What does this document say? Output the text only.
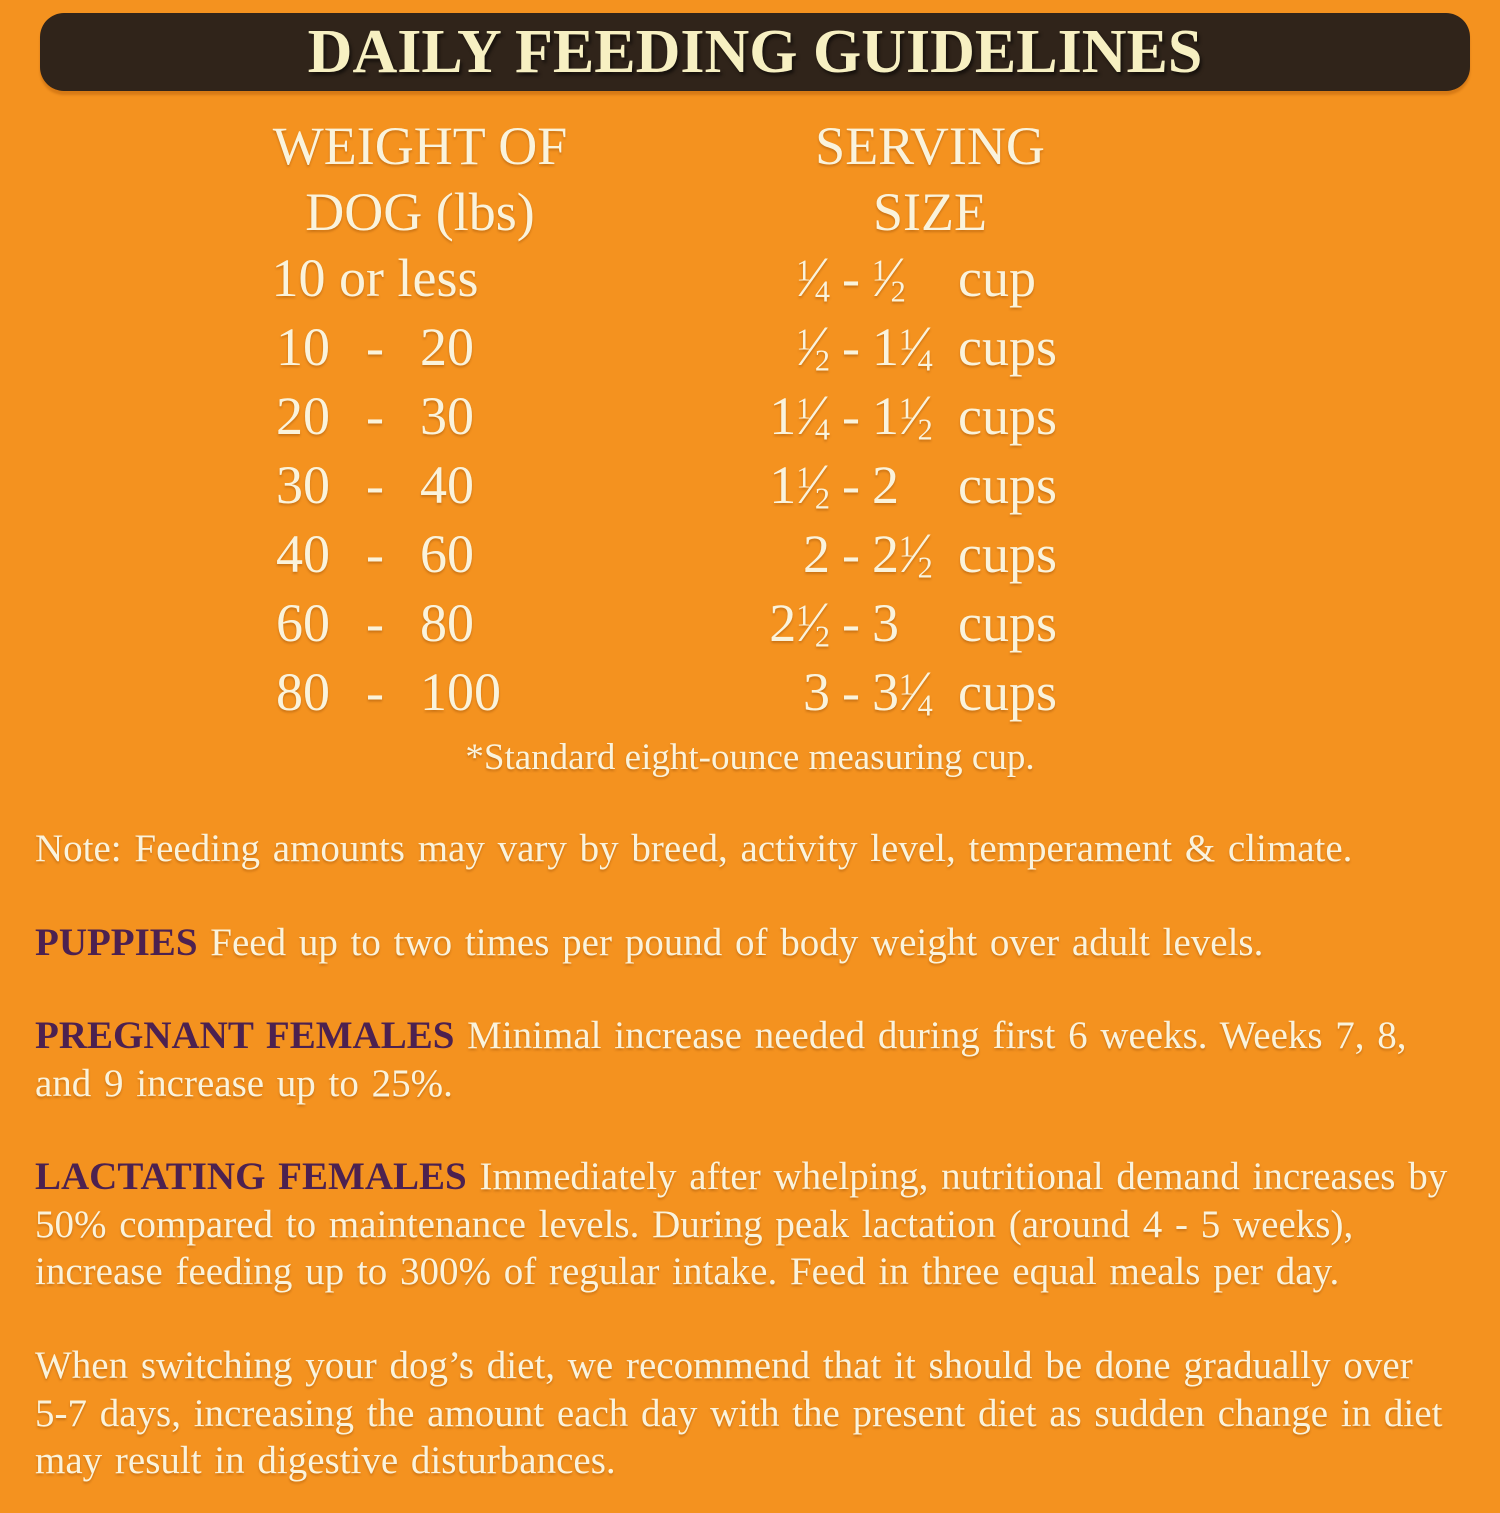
DAILY FEEDING GUIDELINES
WEIGHT OF	SERVING
DOG (lbs)	SIZE
10 or less	$^1$⁄4 - $^1$⁄2 cup
10 - 20	$^1$⁄2 - $1^1⁄4$ cups
20 - 30	$1^1⁄4$ - $1^1⁄2$ cups
30 - 40	$1^1⁄2 - 2$	cups
40 - 60	$2 - 2^1⁄2$ cups
60 - 80	$2^1⁄2 - 3$	cups
80 - 100	$3 - 3^1⁄4$ cups
*Standard eight-ounce measuring cup.

Note: Feeding amounts may vary by breed, activity level, temperament & climate.

PUPPIES Feed up to two times per pound of body weight over adult levels.

PREGNANT FEMALES Minimal increase needed during first 6 weeks. Weeks 7, 8, and 9 increase up to 25%.

LACTATING FEMALES Immediately after whelping, nutritional demand increases by 50% compared to maintenance levels. During peak lactation (around 4 - 5 weeks), increase feeding up to 300% of regular intake. Feed in three equal meals per day.

When switching your dog’s diet, we recommend that it should be done gradually over 5-7 days, increasing the amount each day with the present diet as sudden change in diet may result in digestive disturbances.
